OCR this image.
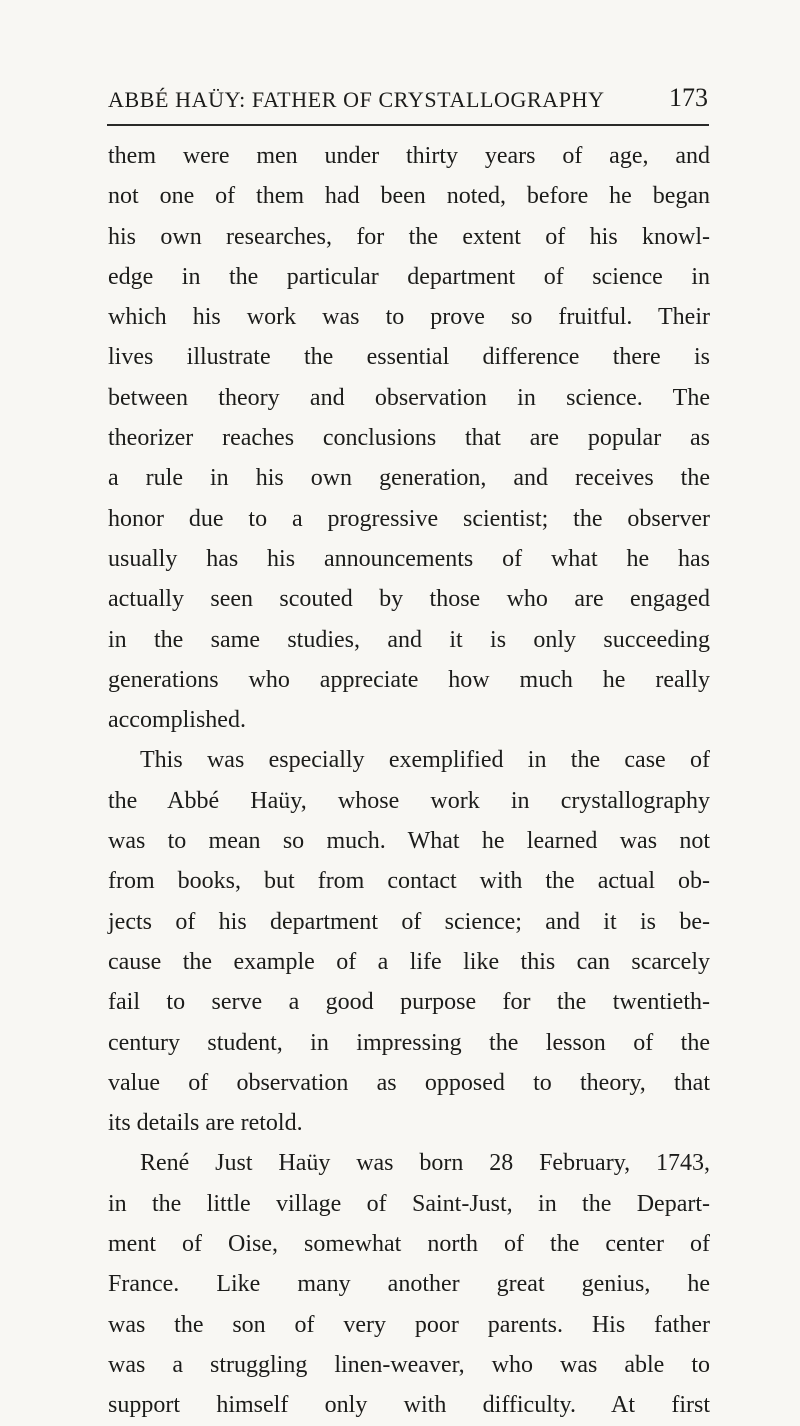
ABBÉ HAÜY: FATHER OF CRYSTALLOGRAPHY 173
them were men under thirty years of age, and
not one of them had been noted, before he began
his own researches, for the extent of his knowl-
edge in the particular department of science in
which his work was to prove so fruitful. Their
lives illustrate the essential difference there is
between theory and observation in science. The
theorizer reaches conclusions that are popular as
a rule in his own generation, and receives the
honor due to a progressive scientist; the observer
usually has his announcements of what he has
actually seen scouted by those who are engaged
in the same studies, and it is only succeeding
generations who appreciate how much he really
accomplished.
This was especially exemplified in the case of
the Abbé Haüy, whose work in crystallography
was to mean so much. What he learned was not
from books, but from contact with the actual ob-
jects of his department of science; and it is be-
cause the example of a life like this can scarcely
fail to serve a good purpose for the twentieth-
century student, in impressing the lesson of the
value of observation as opposed to theory, that
its details are retold.
René Just Haüy was born 28 February, 1743,
in the little village of Saint-Just, in the Depart-
ment of Oise, somewhat north of the center of
France. Like many another great genius, he
was the son of very poor parents. His father
was a struggling linen-weaver, who was able to
support himself only with difficulty. At first
